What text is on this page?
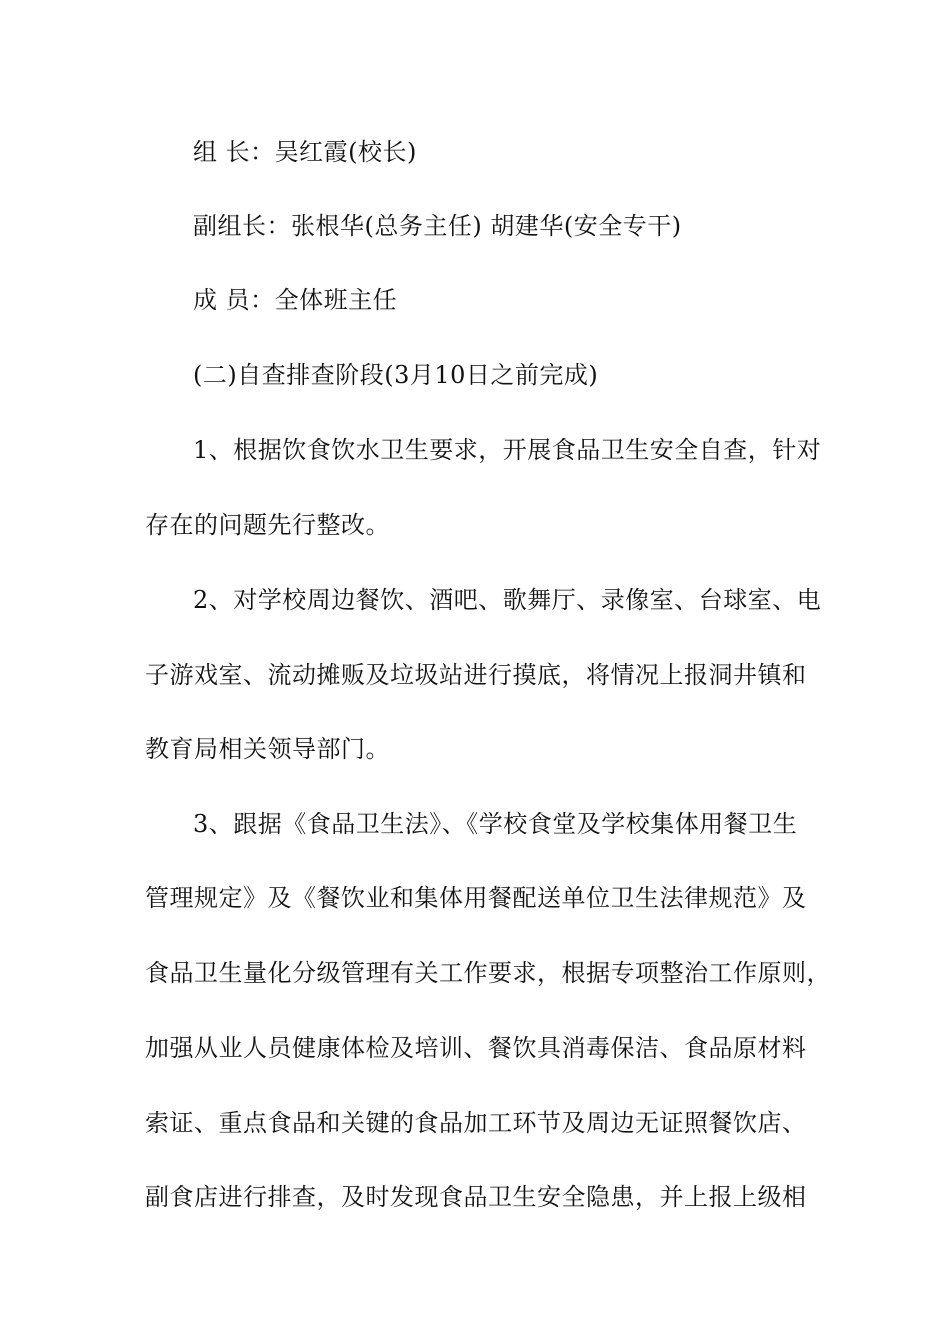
组 长：吴红霞(校长)
副组长：张根华(总务主任) 胡建华(安全专干)
成 员：全体班主任
(二)自查排查阶段(3月10日之前完成)
1、根据饮食饮水卫生要求，开展食品卫生安全自查，针对
存在的问题先行整改。
2、对学校周边餐饮、酒吧、歌舞厅、录像室、台球室、电
子游戏室、流动摊贩及垃圾站进行摸底，将情况上报洞井镇和
教育局相关领导部门。
3、跟据《食品卫生法》、《学校食堂及学校集体用餐卫生
管理规定》及《餐饮业和集体用餐配送单位卫生法律规范》及
食品卫生量化分级管理有关工作要求，根据专项整治工作原则，
加强从业人员健康体检及培训、餐饮具消毒保洁、食品原材料
索证、重点食品和关键的食品加工环节及周边无证照餐饮店、
副食店进行排查，及时发现食品卫生安全隐患，并上报上级相
